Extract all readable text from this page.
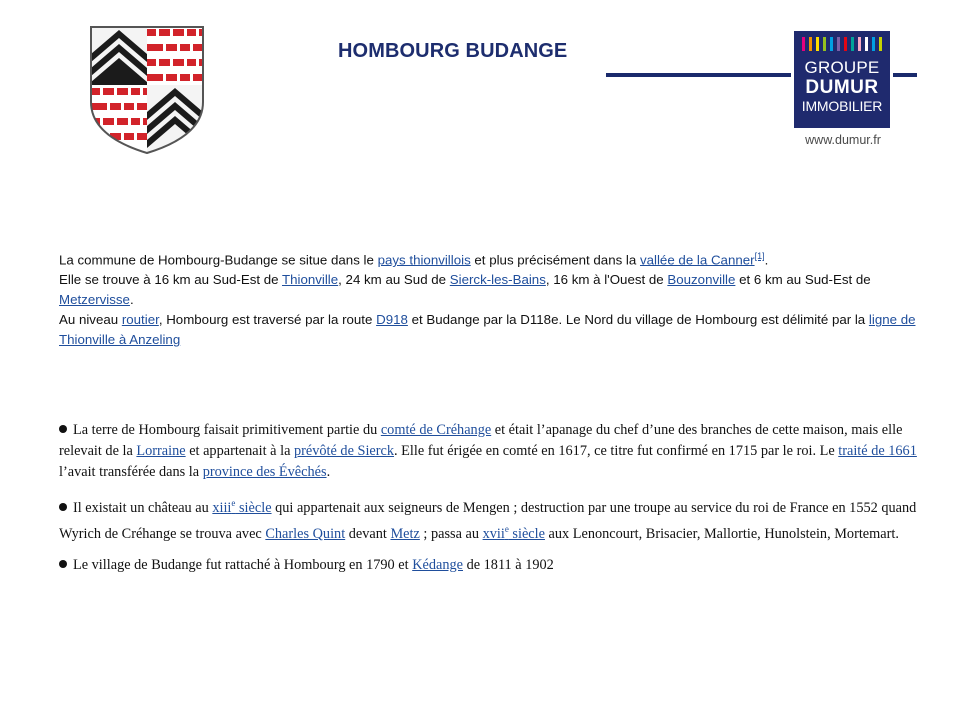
HOMBOURG BUDANGE
GROUPE
DUMUR
IMMOBILIER
www.dumur.fr
La commune de Hombourg-Budange se situe dans le pays thionvillois et plus précisément dans la vallée de la Canner[1].
Elle se trouve à 16 km au Sud-Est de Thionville, 24 km au Sud de Sierck-les-Bains, 16 km à l'Ouest de Bouzonville et 6 km au Sud-Est de Metzervisse.
Au niveau routier, Hombourg est traversé par la route D918 et Budange par la D118e. Le Nord du village de Hombourg est délimité par la ligne de Thionville à Anzeling

La terre de Hombourg faisait primitivement partie du comté de Créhange et était l’apanage du chef d’une des branches de cette maison, mais elle relevait de la Lorraine et appartenait à la prévôté de Sierck. Elle fut érigée en comté en 1617, ce titre fut confirmé en 1715 par le roi. Le traité de 1661 l’avait transférée dans la province des Évêchés.

Il existait un château au xiii$^e$ siècle qui appartenait aux seigneurs de Mengen ; destruction par une troupe au service du roi de France en 1552 quand Wyrich de Créhange se trouva avec Charles Quint devant Metz ; passa au xvii$^e$ siècle aux Lenoncourt, Brisacier, Mallortie, Hunolstein, Mortemart.

Le village de Budange fut rattaché à Hombourg en 1790 et Kédange de 1811 à 1902
